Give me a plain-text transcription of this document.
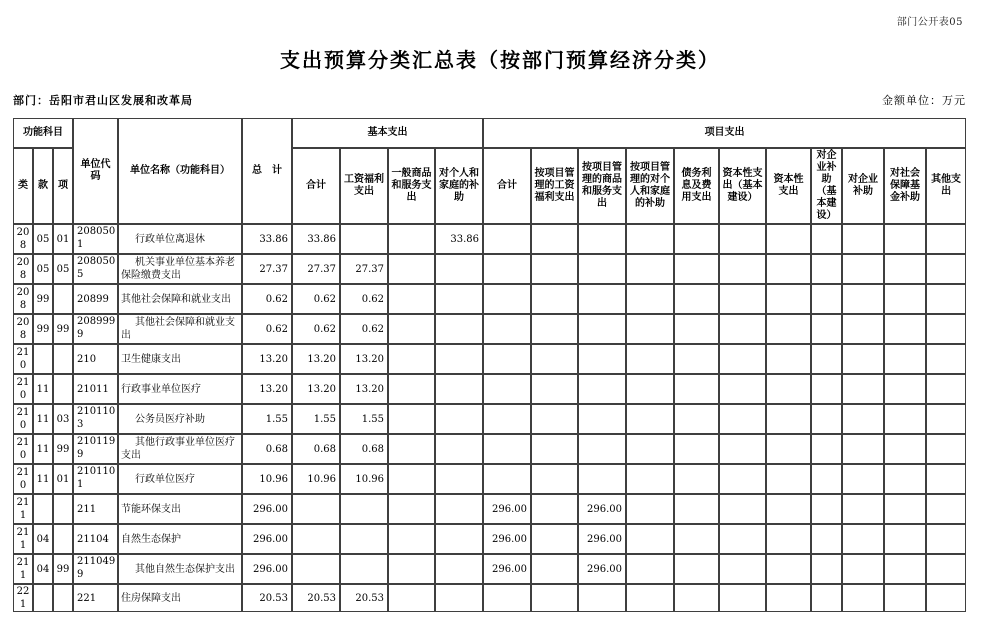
部门公开表05
支出预算分类汇总表（按部门预算经济分类）
部门：岳阳市君山区发展和改革局	金额单位：万元
功能科目			单位代码	单位名称（功能科目）	总　计	基本支出				项目支出										
类	款	项				合计	工资福利支出	一般商品和服务支出	对个人和家庭的补助	合计	按项目管理的工资福利支出	按项目管理的商品和服务支出	按项目管理的对个人和家庭的补助	债务利息及费用支出	资本性支出（基本建设）	资本性支出	对企业补助（基本建设）	对企业补助	对社会保障基金补助	其他支出
208	05	01	2080501	行政单位离退休	33.86	33.86			33.86											
208	05	05	2080505	机关事业单位基本养老保险缴费支出	27.37	27.37	27.37													
208	99		20899	其他社会保障和就业支出	0.62	0.62	0.62													
208	99	99	2089999	其他社会保障和就业支出	0.62	0.62	0.62													
210			210	卫生健康支出	13.20	13.20	13.20													
210	11		21011	行政事业单位医疗	13.20	13.20	13.20													
210	11	03	2101103	公务员医疗补助	1.55	1.55	1.55													
210	11	99	2101199	其他行政事业单位医疗支出	0.68	0.68	0.68													
210	11	01	2101101	行政单位医疗	10.96	10.96	10.96													
211			211	节能环保支出	296.00					296.00		296.00								
211	04		21104	自然生态保护	296.00					296.00		296.00								
211	04	99	2110499	其他自然生态保护支出	296.00					296.00		296.00								
221			221	住房保障支出	20.53	20.53	20.53													
